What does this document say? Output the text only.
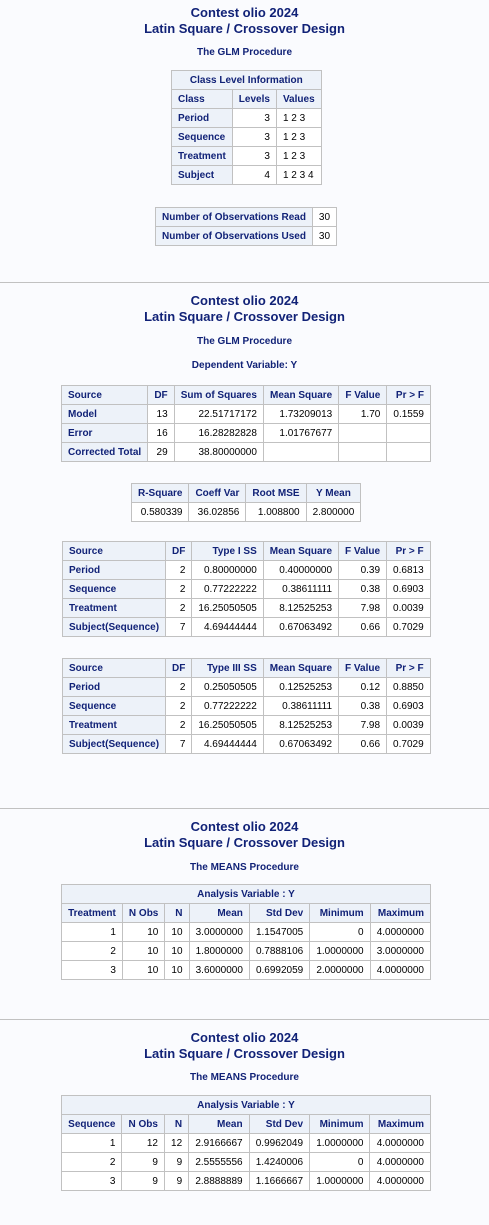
Contest olio 2024
Latin Square / Crossover Design
The GLM Procedure
Class Level Information		
Class	Levels	Values
Period	3	1 2 3
Sequence	3	1 2 3
Treatment	3	1 2 3
Subject	4	1 2 3 4
Number of Observations Read	30
Number of Observations Used	30
Contest olio 2024
Latin Square / Crossover Design
The GLM Procedure
Dependent Variable: Y
Source	DF	Sum of Squares	Mean Square	F Value	Pr > F
Model	13	22.51717172	1.73209013	1.70	0.1559
Error	16	16.28282828	1.01767677		
Corrected Total	29	38.80000000			
R-Square	Coeff Var	Root MSE	Y Mean
0.580339	36.02856	1.008800	2.800000
Source	DF	Type I SS	Mean Square	F Value	Pr > F
Period	2	0.80000000	0.40000000	0.39	0.6813
Sequence	2	0.77222222	0.38611111	0.38	0.6903
Treatment	2	16.25050505	8.12525253	7.98	0.0039
Subject(Sequence)	7	4.69444444	0.67063492	0.66	0.7029
Source	DF	Type III SS	Mean Square	F Value	Pr > F
Period	2	0.25050505	0.12525253	0.12	0.8850
Sequence	2	0.77222222	0.38611111	0.38	0.6903
Treatment	2	16.25050505	8.12525253	7.98	0.0039
Subject(Sequence)	7	4.69444444	0.67063492	0.66	0.7029
Contest olio 2024
Latin Square / Crossover Design
The MEANS Procedure
Analysis Variable : Y						
Treatment	N Obs	N	Mean	Std Dev	Minimum	Maximum
1	10	10	3.0000000	1.1547005	0	4.0000000
2	10	10	1.8000000	0.7888106	1.0000000	3.0000000
3	10	10	3.6000000	0.6992059	2.0000000	4.0000000
Contest olio 2024
Latin Square / Crossover Design
The MEANS Procedure
Analysis Variable : Y						
Sequence	N Obs	N	Mean	Std Dev	Minimum	Maximum
1	12	12	2.9166667	0.9962049	1.0000000	4.0000000
2	9	9	2.5555556	1.4240006	0	4.0000000
3	9	9	2.8888889	1.1666667	1.0000000	4.0000000
